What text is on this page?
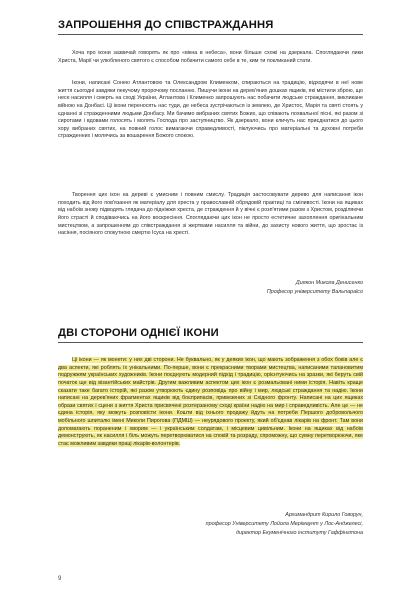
ЗАПРОШЕННЯ ДО СПІВСТРАЖДАННЯ

Хоча про ікони зазвичай говорять як про «вікна в небеса», вони більше схожі на дзеркала. Споглядаючи лики Христа, Марії чи улюбленого святого є способом побачити самого себе в те, ким ти покликаний стати.

Ікони, написані Сонею Атлантовою та Олександром Клименком, спираються на традицію, відходячи в неї нове життя сьогодні завдяки пекучому пророчому посланню. Пишучи ікони на дерев'яних дошках ящиків, які містили зброю, що несе насилля і смерть на сході України, Атлантова і Клименко запрошують нас побачити людське страждання, викликане війною на Донбасі. Ці ікони переносять нас туди, де небеса зустрічаються із землею, де Христос, Марія та святі стоять у єднанні зі стражденними людьми Донбасу. Ми бачимо вибраних святих Божих, що співають похвальної пісні, які разом зі сиротами і вдовами голосять і молять Господа про заступництво. Як дзеркало, вони кличуть нас приєднатися до цього хору вибраних святих, на повний голос вимагаючи справедливості, піклуючись про матеріальні та духовні потреби стражденних і молячись за вошарення Божого спокою.

Творення цих ікон на дереві є умисним і повним смислу. Традиція застосовувати дерево для написання ікон походить від його пов'язання як матеріалу для хреста у православній обрядовій практиці та сміливості. Ікони на ящиках від набоїв знову підводять глядача до підніжжя хреста, де страждення й у вічні є розп'ятими разом з Христом, розділяючи його страсті й сподіваючись на його воскресіння. Споглядаючи цих ікон не просто естетичне захоплення оригінальним мистецтвом, а запрошенням до співстраждання зі жертвами насилля та війни, до захисту нового життя, що зростає із насіння, посіяного спокутною смертю Ісуса на хресті.

Диякон Микола Денисенко

Професор університету Вальпараїсо

ДВІ СТОРОНИ ОДНІЄЇ ІКОНИ

Ці ікони — як монети: у них дві сторони. Не буквально, як у деяких ікон, що мають зображення з обох боків але є два аспекти, які роблять їх унікальними. По-перше, вони є прекрасними творами мистецтва, написаними талановитим подружжям українських художників. Ікони поєднують модерний підхід і традицію, орієнтуючись на зразки, які беруть свій початок ще від візантійських майстрів. Другим важливим аспектом цих ікон є розмальовані ними історія. Навіть краще сказати таке багато історій, які разом утворюють єдину розповідь про війну і мир, людські страждання та надію. Ікони написані на дерев'яних фрагментах ящиків від боєприпасів, привезених зі Східного фронту. Написані на цих ящиках образи святих і сцени з життя Христа присвячені розтерзаному сході країни надію на мир і справедливість. Але це — не єдина історія, яку можуть розповісти ікони. Кошти від іхнього продажу йдуть на потреби Першого добровольчого мобільного шпиталю імені Миколи Пирогова (ПДМШ) — неурядового проекту, який об'єднав лікарів на фронт. Там вони допомагають пораненим і хворим — і українським солдатам, і місцевим цивільним. Ікони на ящиках від набоїв демонструють, як насилля і біль можуть перетворюватися на спокій та розраду, спроможну, що сумну перетворюючи, яке стає можливим завдяки праці лікарів-волонтерів.

Архимандрит Кирило Говорун,

професор Університету Лойола Мерімаунт у Лос-Анджелесі,

директор Екуменічного інституту Гаффінгтона

9
